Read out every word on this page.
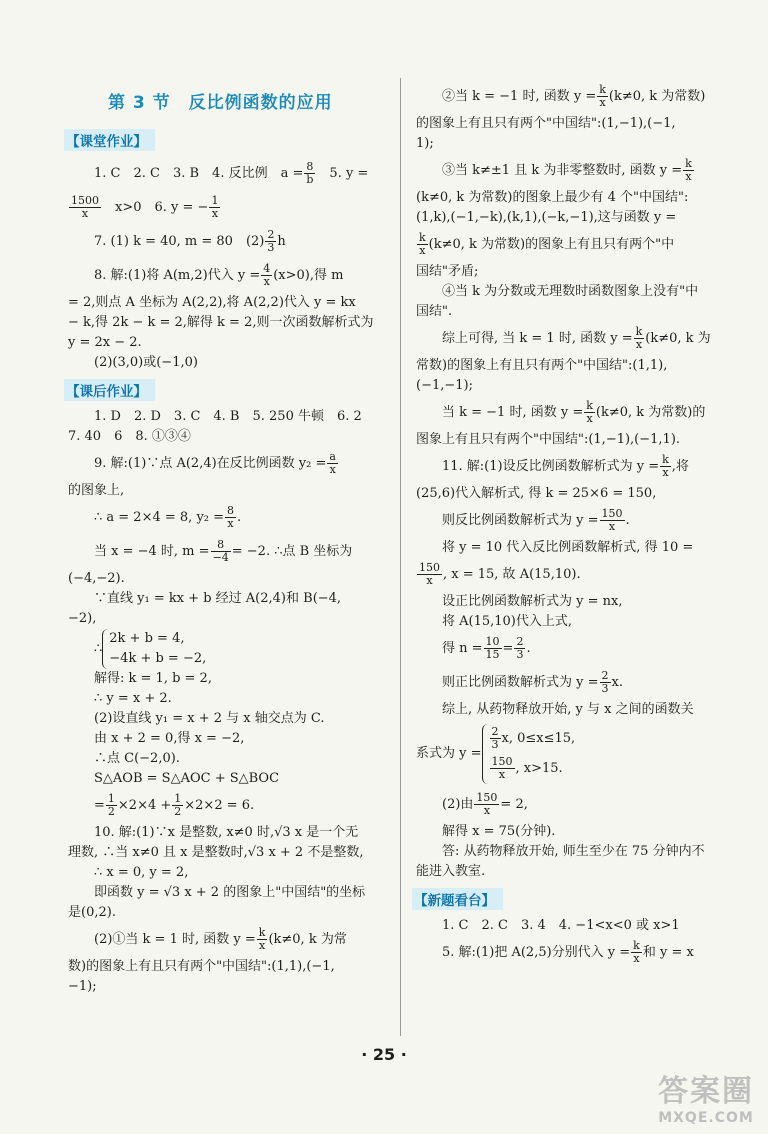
第 3 节　反比例函数的应用
【课堂作业】

1. C　2. C　3. B　4. 反比例　$a = \frac{8}{b}$ 　5. y =

$\frac{1500}{x}$ 　x>0　6. y = − $\frac{1}{x}$

7. (1) k = 40, m = 80　$(2) \frac{2}{3}$ h

8. 解:(1)将 A(m,2)代入 $y = \frac{4}{x} (x>0)$,得 m

= 2,则点 A 坐标为 A(2,2),将 A(2,2)代入 y = kx

− k,得 2k − k = 2,解得 k = 2,则一次函数解析式为

y = 2x − 2.

(2)(3,0)或(−1,0)

【课后作业】

1. D　2. D　3. C　4. B　5. 250 牛顿　6. 2

7. 40　6　8. ①③④

9. 解:(1)∵点 A(2,4)在反比例函数 $y_2 = \frac{a}{x}$

的图象上,

∴ a = 2×4 = 8, $y_2 = \frac{8}{x}$ .

当 x = −4 时, $m = \frac{8}{-4} = -2$. ∴点 B 坐标为

(−4,−2).

∵直线 y₁ = kx + b 经过 A(2,4)和 B(−4,

−2),

∴
2k + b = 4,
−4k + b = −2,

解得: k = 1, b = 2,

∴ y = x + 2.

(2)设直线 y₁ = x + 2 与 x 轴交点为 C.

由 x + 2 = 0,得 x = −2,

∴点 C(−2,0).

S△AOB = S△AOC + S△BOC

= $\frac{1}{2} \times 2\times 4 + \frac{1}{2} \times 2\times 2 = 6$.

10. 解:(1)∵x 是整数, x≠0 时,√3 x 是一个无

理数, ∴当 x≠0 且 x 是整数时,√3 x + 2 不是整数,

∴ x = 0, y = 2,

即函数 y = √3 x + 2 的图象上"中国结"的坐标

是(0,2).

(2)①当 k = 1 时, 函数 $y = \frac{k}{x} (k\ne 0$, k 为常

数)的图象上有且只有两个"中国结":(1,1),(−1,

−1);

②当 k = −1 时, 函数 $y = \frac{k}{x} (k\ne 0$, k 为常数)

的图象上有且只有两个"中国结":(1,−1),(−1,

1);

③当 k≠±1 且 k 为非零整数时, 函数 $y = \frac{k}{x}$

(k≠0, k 为常数)的图象上最少有 4 个"中国结":

(1,k),(−1,−k),(k,1),(−k,−1),这与函数 y =

$\frac{k}{x} (k\ne 0$, k 为常数)的图象上有且只有两个"中

国结"矛盾;

④当 k 为分数或无理数时函数图象上没有"中

国结".

综上可得, 当 k = 1 时, 函数 $y = \frac{k}{x} (k\ne 0$, k 为

常数)的图象上有且只有两个"中国结":(1,1),

(−1,−1);

当 k = −1 时, 函数 $y = \frac{k}{x} (k\ne 0$, k 为常数)的

图象上有且只有两个"中国结":(1,−1),(−1,1).

11. 解:(1)设反比例函数解析式为 $y = \frac{k}{x}$ ,将

(25,6)代入解析式, 得 k = 25×6 = 150,

则反比例函数解析式为 $y = \frac{150}{x}$ .

将 y = 10 代入反比例函数解析式, 得 10 =

$\frac{150}{x}$ , x = 15, 故 A(15,10).

设正比例函数解析式为 y = nx,

将 A(15,10)代入上式,

得 $n = \frac{10}{15} = \frac{2}{3}$ .

则正比例函数解析式为 $y = \frac{2}{3} x$.

综上, 从药物释放开始, y 与 x 之间的函数关

系式为 y =
$\frac{2}{3} x$, 0≤x≤15,
$\frac{150}{x}$ , x>15.

(2)由 $\frac{150}{x} = 2$,

解得 x = 75(分钟).

答: 从药物释放开始, 师生至少在 75 分钟内不

能进入教室.

【新题看台】

1. C　2. C　3. 4　4. −1<x<0 或 x>1

5. 解:(1)把 A(2,5)分别代入 $y = \frac{k}{x}$ 和 y = x

· 25 ·
答案圈
MXQE.COM
